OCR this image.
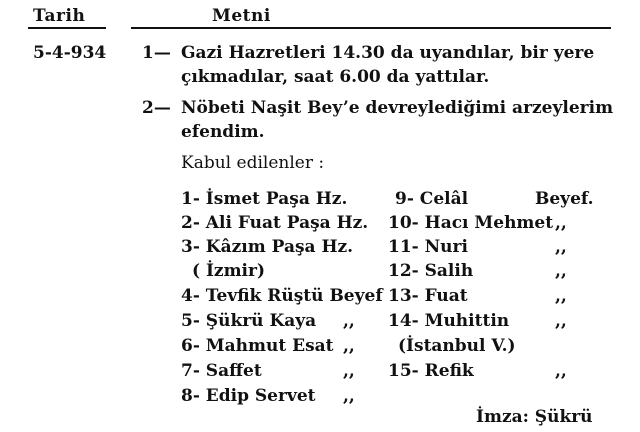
Tarih	Metni
5-4-934 1— Gazi Hazretleri 14.30 da uyandılar, bir yere
çıkmadılar, saat 6.00 da yattılar.
2— Nöbeti Naşit Bey’e devreylediğimi arzeylerim
efendim.
Kabul edilenler :
1- İsmet Paşa Hz.
2- Ali Fuat Paşa Hz.
3- Kâzım Paşa Hz.
( İzmir)
4- Tevfik Rüştü Beyef
5- Şükrü Kaya ,,
6- Mahmut Esat ,,
7- Saffet	,,
8- Edip Servet ,,
9- Celâl	Beyef.
10- Hacı Mehmet ,,
11- Nuri	,,
12- Salih	,,
13- Fuat	,,
14- Muhittin	,,
(İstanbul V.)
15- Refik	,,
İmza: Şükrü
